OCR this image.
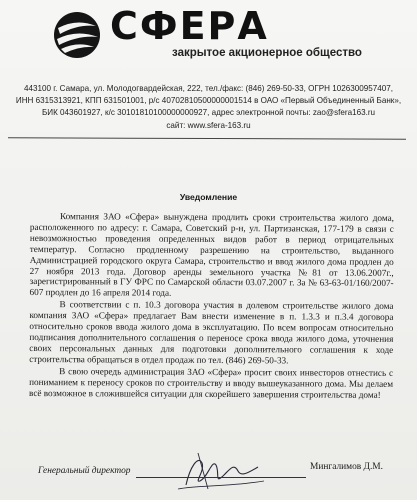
СФЕРА
закрытое акционерное общество
443100 г. Самара, ул. Молодогвардейская, 222, тел./факс: (846) 269-50-33, ОГРН 1026300957407,
ИНН 6315313921, КПП 631501001, р/с 40702810500000001514 в ОАО «Первый Объединенный Банк»,
БИК 043601927, к/с 30101810100000000927, адрес электронной почты: zao@sfera163.ru
сайт: www.sfera-163.ru
Уведомление

Компания ЗАО «Сфера» вынуждена продлить сроки строительства жилого дома, расположенного по адресу: г. Самара, Советский р-н, ул. Партизанская, 177-179 в связи с невозможностью проведения определенных видов работ в период отрицательных температур. Согласно продленному разрешению на строительство, выданного Администрацией городского округа Самара, строительство и ввод жилого дома продлен до 27 ноября 2013 года. Договор аренды земельного участка №81 от 13.06.2007г., зарегистрированный в ГУ ФРС по Самарской области 03.07.2007 г. За № 63-63-01/160/2007-607 продлен до 16 апреля 2014 года.

В соответствии с п. 10.3 договора участия в долевом строительстве жилого дома компания ЗАО «Сфера» предлагает Вам внести изменение в п. 1.3.3 и п.3.4 договора относительно сроков ввода жилого дома в эксплуатацию. По всем вопросам относительно подписания дополнительного соглашения о переносе срока ввода жилого дома, уточнения своих персональных данных для подготовки дополнительного соглашения к ходе строительства обращаться в отдел продаж по тел. (846) 269-50-33.

В свою очередь администрация ЗАО «Сфера» просит своих инвесторов отнестись с пониманием к переносу сроков по строительству и вводу вышеуказанного дома. Мы делаем всё возможное в сложившейся ситуации для скорейшего завершения строительства дома!

Генеральный директор	Мингалимов Д.М.
